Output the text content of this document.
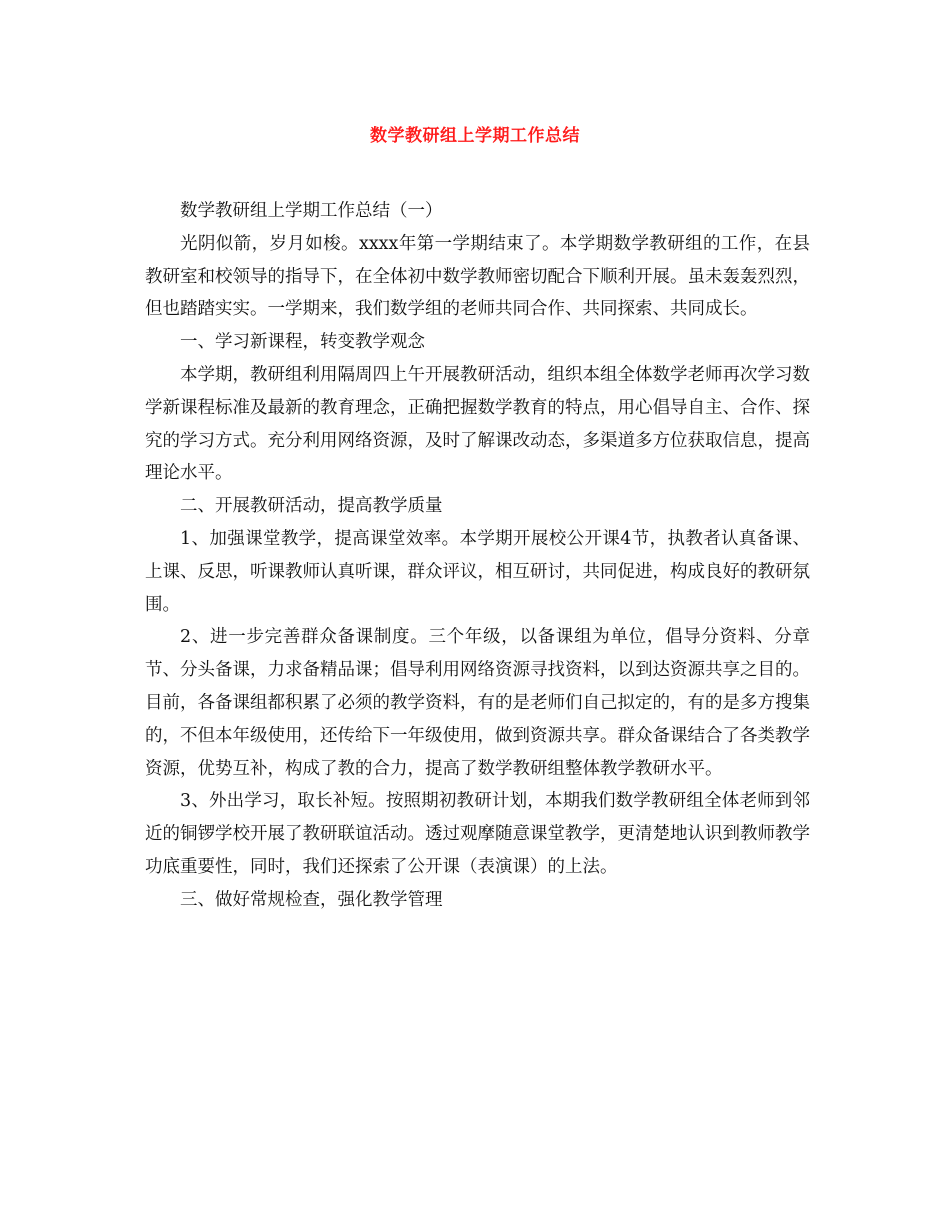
数学教研组上学期工作总结

数学教研组上学期工作总结（一）

光阴似箭，岁月如梭。xxxx年第一学期结束了。本学期数学教研组的工作，在县教研室和校领导的指导下，在全体初中数学教师密切配合下顺利开展。虽未轰轰烈烈，但也踏踏实实。一学期来，我们数学组的老师共同合作、共同探索、共同成长。

一、学习新课程，转变教学观念

本学期，教研组利用隔周四上午开展教研活动，组织本组全体数学老师再次学习数学新课程标准及最新的教育理念，正确把握数学教育的特点，用心倡导自主、合作、探究的学习方式。充分利用网络资源，及时了解课改动态，多渠道多方位获取信息，提高理论水平。

二、开展教研活动，提高教学质量

1、加强课堂教学，提高课堂效率。本学期开展校公开课4节，执教者认真备课、上课、反思，听课教师认真听课，群众评议，相互研讨，共同促进，构成良好的教研氛围。

2、进一步完善群众备课制度。三个年级，以备课组为单位，倡导分资料、分章节、分头备课，力求备精品课；倡导利用网络资源寻找资料，以到达资源共享之目的。目前，各备课组都积累了必须的教学资料，有的是老师们自己拟定的，有的是多方搜集的，不但本年级使用，还传给下一年级使用，做到资源共享。群众备课结合了各类教学资源，优势互补，构成了教的合力，提高了数学教研组整体教学教研水平。

3、外出学习，取长补短。按照期初教研计划，本期我们数学教研组全体老师到邻近的铜锣学校开展了教研联谊活动。透过观摩随意课堂教学，更清楚地认识到教师教学功底重要性，同时，我们还探索了公开课（表演课）的上法。

三、做好常规检查，强化教学管理
